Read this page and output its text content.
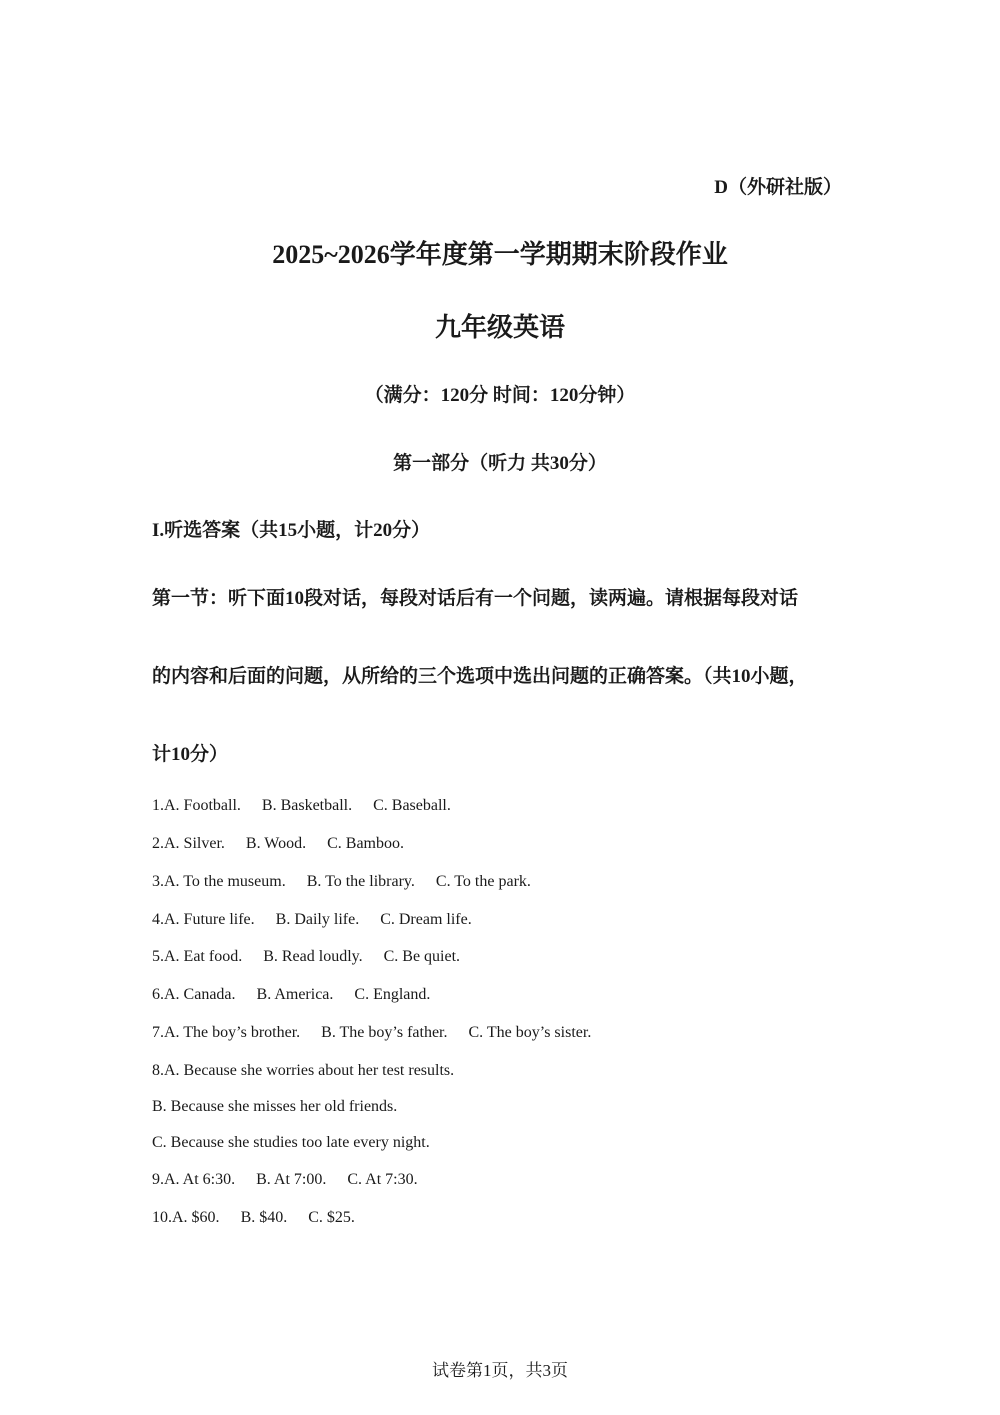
D（外研社版）
2025~2026学年度第一学期期末阶段作业
九年级英语
（满分：120分 时间：120分钟）
第一部分（听力 共30分）
I.听选答案（共15小题，计20分）
第一节：听下面10段对话，每段对话后有一个问题，读两遍。请根据每段对话
的内容和后面的问题，从所给的三个选项中选出问题的正确答案。（共10小题，
计10分）
1.A. Football. B. Basketball. C. Baseball.
2.A. Silver. B. Wood. C. Bamboo.
3.A. To the museum. B. To the library. C. To the park.
4.A. Future life. B. Daily life. C. Dream life.
5.A. Eat food. B. Read loudly. C. Be quiet.
6.A. Canada. B. America. C. England.
7.A. The boy’s brother. B. The boy’s father. C. The boy’s sister.
8.A. Because she worries about her test results.
B. Because she misses her old friends.
C. Because she studies too late every night.
9.A. At 6:30. B. At 7:00. C. At 7:30.
10.A. $60. B. $40. C. $25.
试卷第1页，共3页
